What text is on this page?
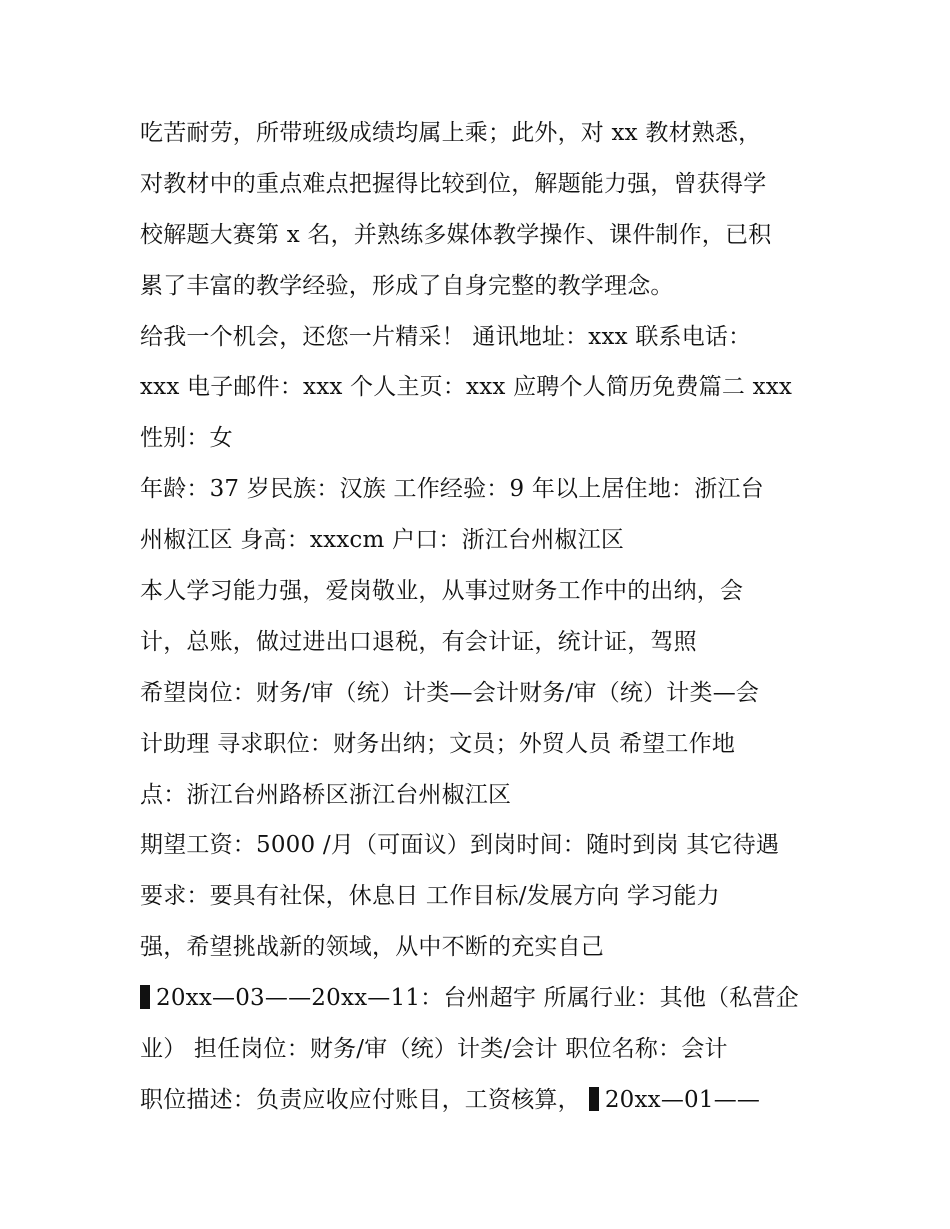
吃苦耐劳，所带班级成绩均属上乘；此外，对 xx 教材熟悉，
对教材中的重点难点把握得比较到位，解题能力强，曾获得学
校解题大赛第 x 名，并熟练多媒体教学操作、课件制作，已积
累了丰富的教学经验，形成了自身完整的教学理念。
给我一个机会，还您一片精采！ 通讯地址：xxx 联系电话：
xxx 电子邮件：xxx 个人主页：xxx 应聘个人简历免费篇二 xxx
性别：女
年龄：37 岁民族：汉族 工作经验：9 年以上居住地：浙江台
州椒江区 身高：xxxcm 户口：浙江台州椒江区
本人学习能力强，爱岗敬业，从事过财务工作中的出纳，会
计，总账，做过进出口退税，有会计证，统计证，驾照
希望岗位：财务/审（统）计类—会计财务/审（统）计类—会
计助理 寻求职位：财务出纳；文员；外贸人员 希望工作地
点：浙江台州路桥区浙江台州椒江区
期望工资：5000 /月（可面议）到岗时间：随时到岗 其它待遇
要求：要具有社保，休息日 工作目标/发展方向 学习能力
强，希望挑战新的领域，从中不断的充实自己
20xx—03——20xx—11：台州超宇 所属行业：其他（私营企
业） 担任岗位：财务/审（统）计类/会计 职位名称：会计
职位描述：负责应收应付账目，工资核算， 20xx—01——
